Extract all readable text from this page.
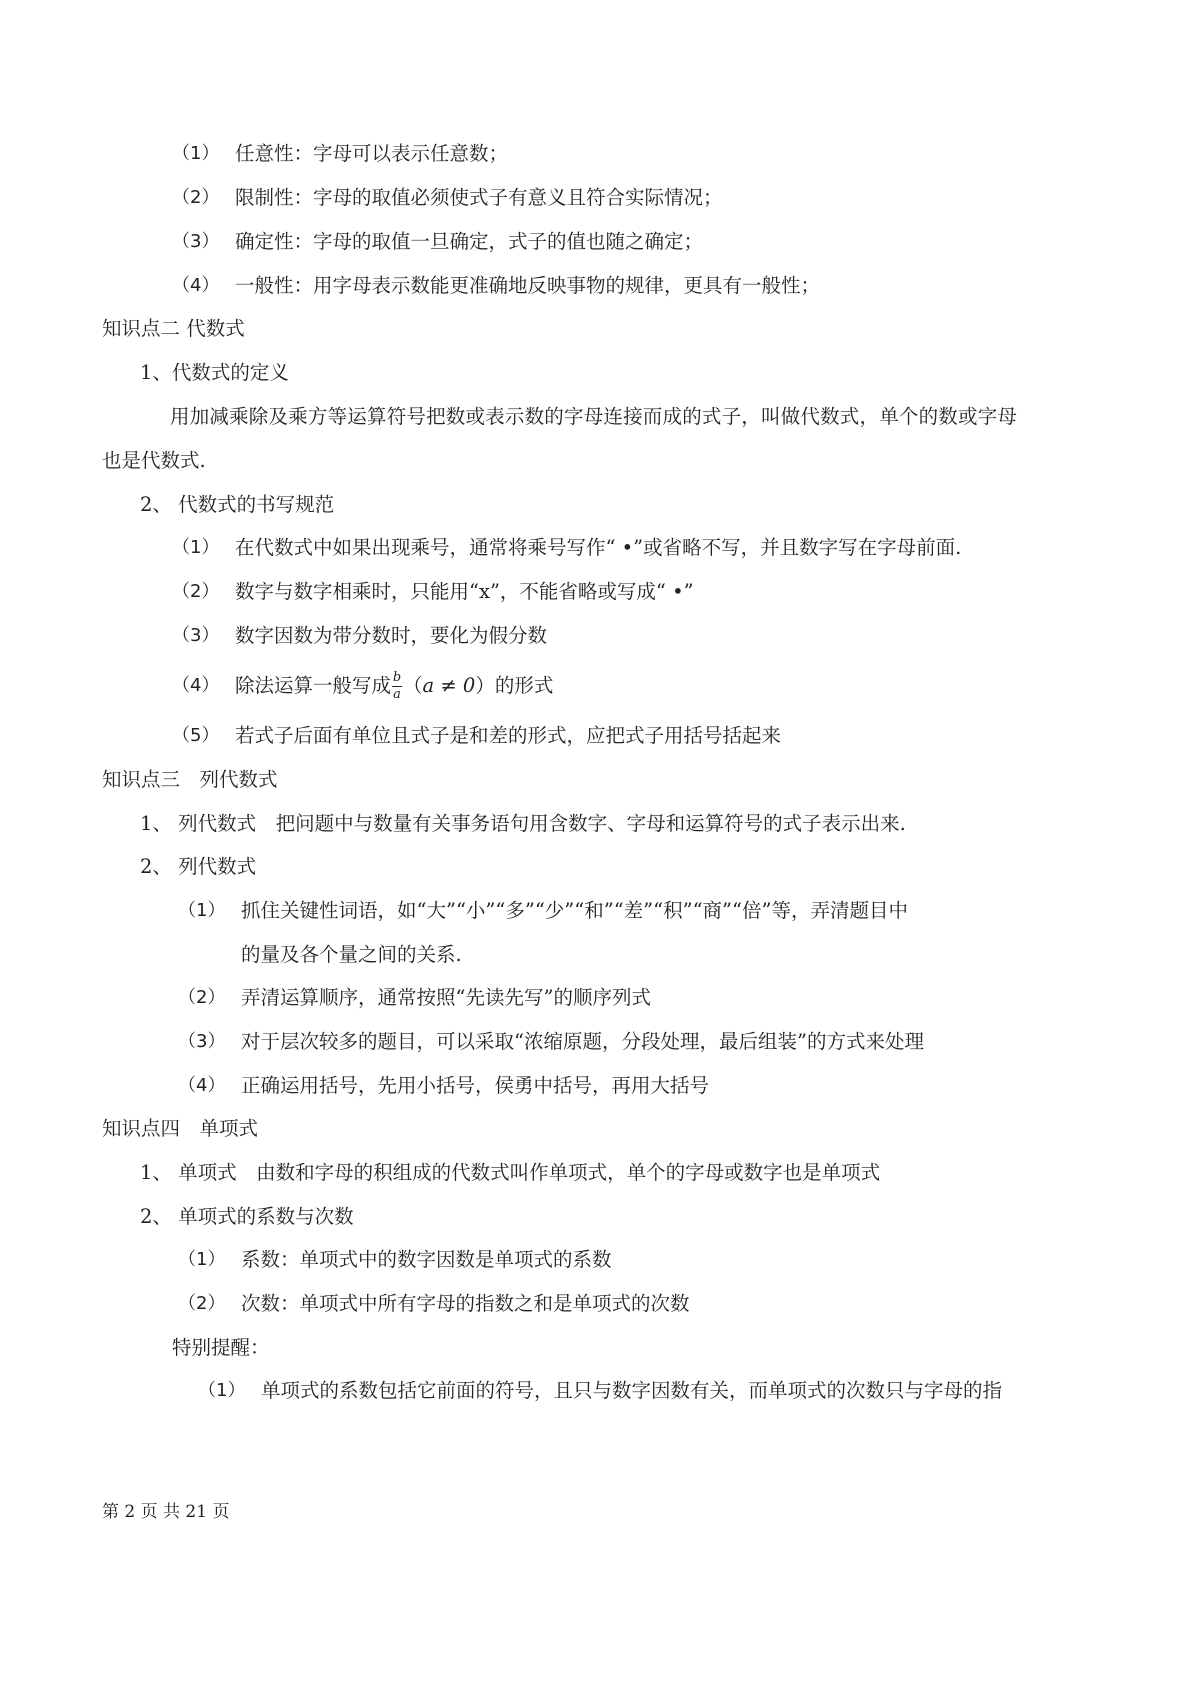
（1） 任意性：字母可以表示任意数；
（2） 限制性：字母的取值必须使式子有意义且符合实际情况；
（3） 确定性：字母的取值一旦确定，式子的值也随之确定；
（4） 一般性：用字母表示数能更准确地反映事物的规律，更具有一般性；
知识点二 代数式
1、代数式的定义
用加减乘除及乘方等运算符号把数或表示数的字母连接而成的式子，叫做代数式，单个的数或字母
也是代数式.
2、 代数式的书写规范
（1） 在代数式中如果出现乘号，通常将乘号写作“ •”或省略不写，并且数字写在字母前面.
（2） 数字与数字相乘时，只能用“x”，不能省略或写成“ •”
（3） 数字因数为带分数时，要化为假分数
（4） 除法运算一般写成 $\frac{b}{a} (a \ne 0)$的形式
（5） 若式子后面有单位且式子是和差的形式，应把式子用括号括起来
知识点三　列代数式
1、 列代数式　把问题中与数量有关事务语句用含数字、字母和运算符号的式子表示出来.
2、 列代数式
（1） 抓住关键性词语，如“大”“小”“多”“少”“和”“差”“积”“商”“倍”等，弄清题目中
的量及各个量之间的关系.
（2） 弄清运算顺序，通常按照“先读先写”的顺序列式
（3） 对于层次较多的题目，可以采取“浓缩原题，分段处理，最后组装”的方式来处理
（4） 正确运用括号，先用小括号，侯勇中括号，再用大括号
知识点四　单项式
1、 单项式　由数和字母的积组成的代数式叫作单项式，单个的字母或数字也是单项式
2、 单项式的系数与次数
（1） 系数：单项式中的数字因数是单项式的系数
（2） 次数：单项式中所有字母的指数之和是单项式的次数
特别提醒：
（1） 单项式的系数包括它前面的符号，且只与数字因数有关，而单项式的次数只与字母的指
第 2 页 共 21 页
